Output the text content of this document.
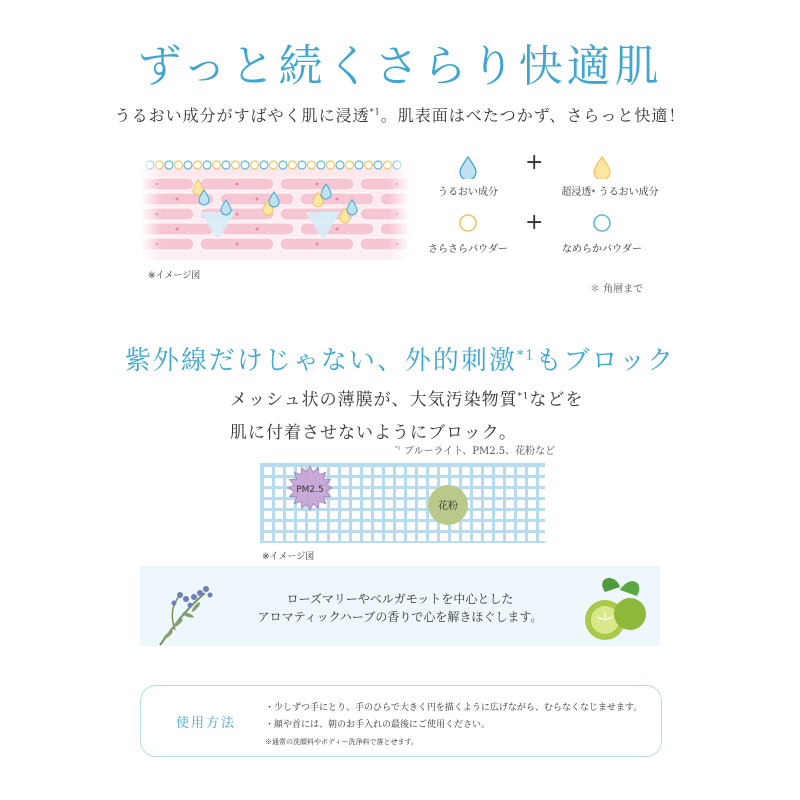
ずっと続くさらり快適肌
うるおい成分がすばやく肌に浸透$^{*1}$。肌表面はべたつかず、さらっと快適！
※イメージ図
うるおい成分
+
超浸透* うるおい成分
さらさらパウダー
+
なめらかパウダー
＊ 角層まで
紫外線だけじゃない、外的刺激$^{*1}$もブロック
メッシュ状の薄膜が、大気汚染物質$^{*1}$などを
肌に付着させないようにブロック。
$^{*1}$ ブルーライト、PM2.5、花粉など
PM2.5
花粉
※イメージ図
ローズマリーやベルガモットを中心とした
アロマティックハーブの香りで心を解きほぐします。
使用方法
・少しずつ手にとり、手のひらで大きく円を描くように広げながら、むらなくなじませます。
・顔や首には、朝のお手入れの最後にご使用ください。
※通常の洗顔料やボディー洗浄料で落とせます。
